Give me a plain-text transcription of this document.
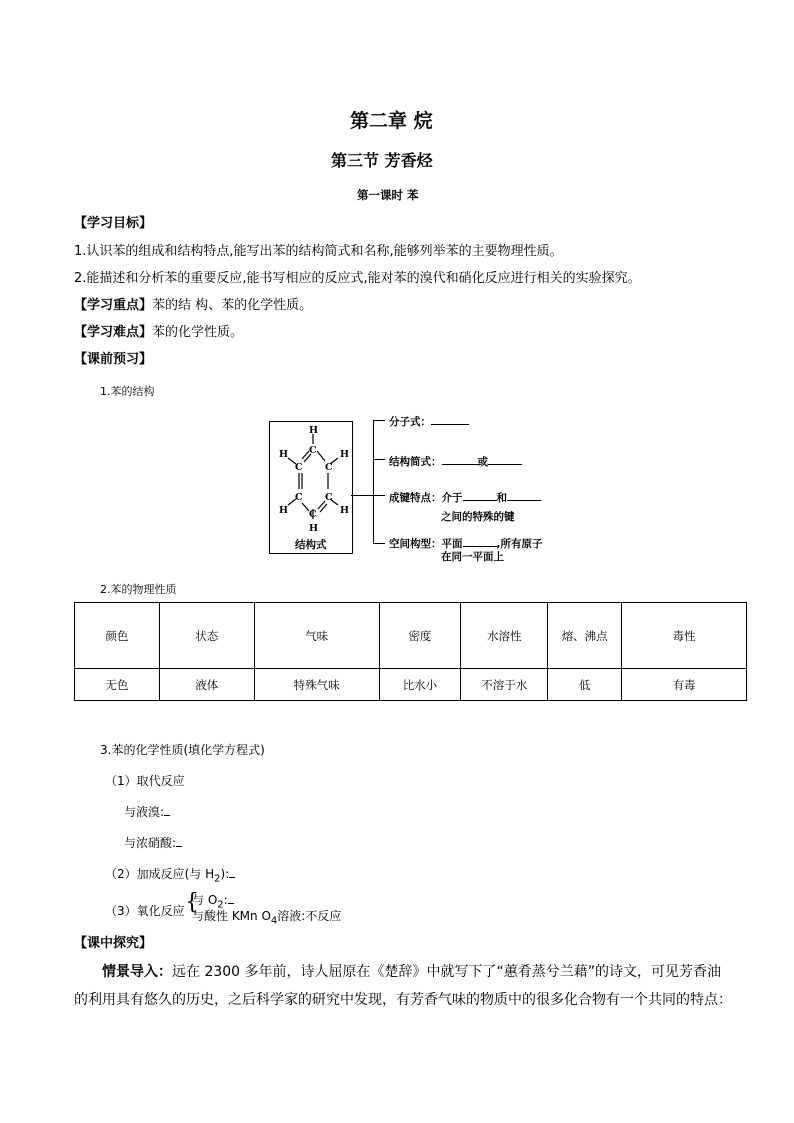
第二章 烷
第三节 芳香烃
第一课时 苯
【学习目标】
1.认识苯的组成和结构特点,能写出苯的结构简式和名称,能够列举苯的主要物理性质。
2.能描述和分析苯的重要反应,能书写相应的反应式,能对苯的溴代和硝化反应进行相关的实验探究。
【学习重点】苯的结 构、苯的化学性质。
【学习难点】苯的化学性质。
【课前预习】
1.苯的结构
H
C
H	H
C C
C C
H	H
C
H
结构式
分子式：
结构简式：	或
成键特点：介于	和
之间的特殊的键
空间构型：平面	,所有原子
在同一平面上
2.苯的物理性质
颜色	状态	气味	密度	水溶性	熔、沸点	毒性
无色	液体	特殊气味	比水小	不溶于水	低	有毒
3.苯的化学性质(填化学方程式)
（1）取代反应
与液溴:
与浓硝酸:
（2）加成反应(与 $H_2$):
（3）氧化反应 {
与 $O_2$:
与酸性 KMn $O_4$溶液:不反应
【课中探究】
情景导入：远在 2300 多年前，诗人屈原在《楚辞》中就写下了“蕙肴蒸兮兰藉”的诗文，可见芳香油的利用具有悠久的历史，之后科学家的研究中发现，有芳香气味的物质中的很多化合物有一个共同的特点：
